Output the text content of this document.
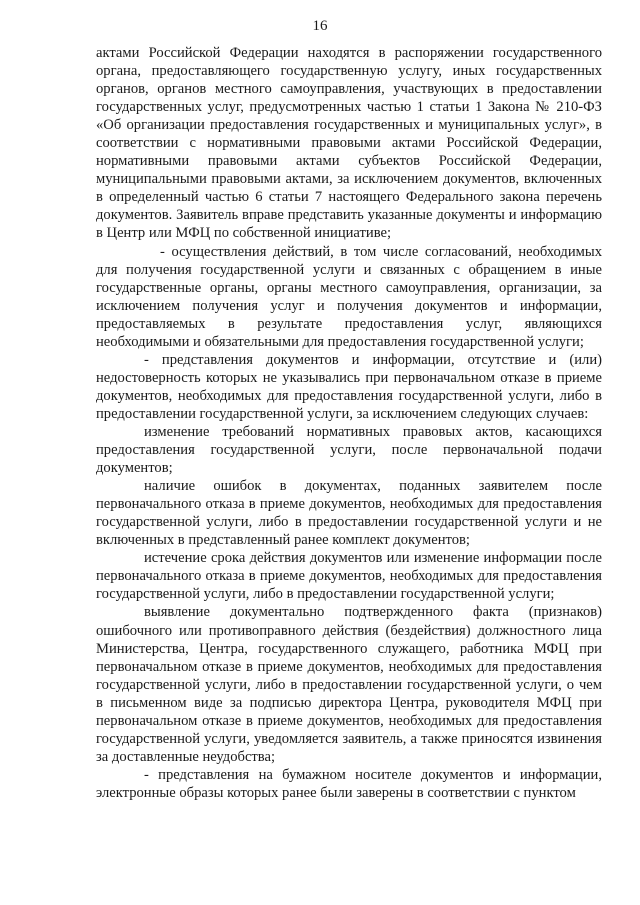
16

актами Российской Федерации находятся в распоряжении государственного органа, предоставляющего государственную услугу, иных государственных органов, органов местного самоуправления, участвующих в предоставлении государственных услуг, предусмотренных частью 1 статьи 1 Закона № 210-ФЗ «Об организации предоставления государственных и муниципальных услуг», в соответствии с нормативными правовыми актами Российской Федерации, нормативными правовыми актами субъектов Российской Федерации, муниципальными правовыми актами, за исключением документов, включенных в определенный частью 6 статьи 7 настоящего Федерального закона перечень документов. Заявитель вправе представить указанные документы и информацию в Центр или МФЦ по собственной инициативе;

- осуществления действий, в том числе согласований, необходимых для получения государственной услуги и связанных с обращением в иные государственные органы, органы местного самоуправления, организации, за исключением получения услуг и получения документов и информации, предоставляемых в результате предоставления услуг, являющихся необходимыми и обязательными для предоставления государственной услуги;

- представления документов и информации, отсутствие и (или) недостоверность которых не указывались при первоначальном отказе в приеме документов, необходимых для предоставления государственной услуги, либо в предоставлении государственной услуги, за исключением следующих случаев:

изменение требований нормативных правовых актов, касающихся предоставления государственной услуги, после первоначальной подачи документов;

наличие ошибок в документах, поданных заявителем после первоначального отказа в приеме документов, необходимых для предоставления государственной услуги, либо в предоставлении государственной услуги и не включенных в представленный ранее комплект документов;

истечение срока действия документов или изменение информации после первоначального отказа в приеме документов, необходимых для предоставления государственной услуги, либо в предоставлении государственной услуги;

выявление документально подтвержденного факта (признаков) ошибочного или противоправного действия (бездействия) должностного лица Министерства, Центра, государственного служащего, работника МФЦ при первоначальном отказе в приеме документов, необходимых для предоставления государственной услуги, либо в предоставлении государственной услуги, о чем в письменном виде за подписью директора Центра, руководителя МФЦ при первоначальном отказе в приеме документов, необходимых для предоставления государственной услуги, уведомляется заявитель, а также приносятся извинения за доставленные неудобства;

- представления на бумажном носителе документов и информации, электронные образы которых ранее были заверены в соответствии с пунктом
